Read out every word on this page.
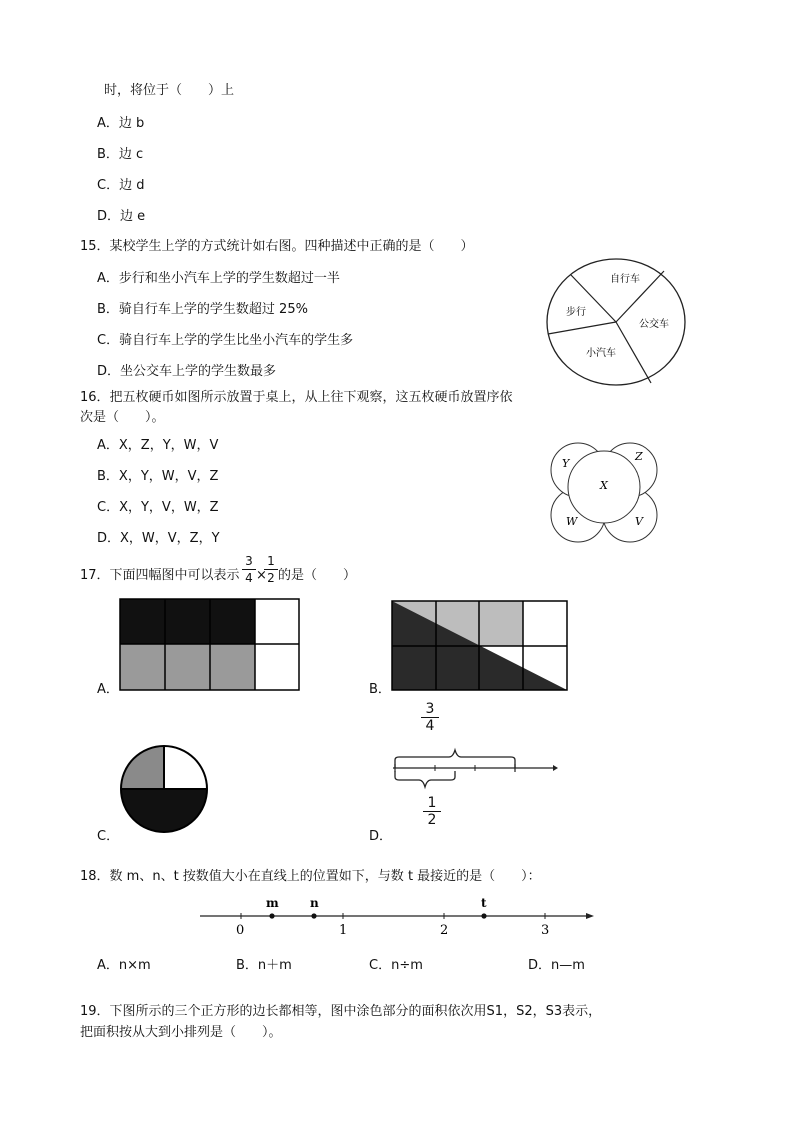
时，将位于（　　）上
A．边 b
B．边 c
C．边 d
D．边 e
15．某校学生上学的方式统计如右图。四种描述中正确的是（　　）
A．步行和坐小汽车上学的学生数超过一半
B．骑自行车上学的学生数超过 25%
C．骑自行车上学的学生比坐小汽车的学生多
D．坐公交车上学的学生数最多
自行车
公交车
小汽车
步行
16．把五枚硬币如图所示放置于桌上，从上往下观察，这五枚硬币放置序依
次是（　　）。
A．X，Z，Y，W，V
B．X，Y，W，V，Z
C．X，Y，V，W，Z
D．X，W，V，Z，Y
Y
Z
X
W	V
17．下面四幅图中可以表示
3
4 ×
1
2 的是（　　）
A．	B．
C．
3
4
1
2
D．
18．数 m、n、t 按数值大小在直线上的位置如下，与数 t 最接近的是（　　）：
m	n	t
0	1	2	3
A．n×m	B．n＋m	C．n÷m	D．n—m
19．下图所示的三个正方形的边长都相等，图中涂色部分的面积依次用S1，S2，S3表示，
把面积按从大到小排列是（　　）。
